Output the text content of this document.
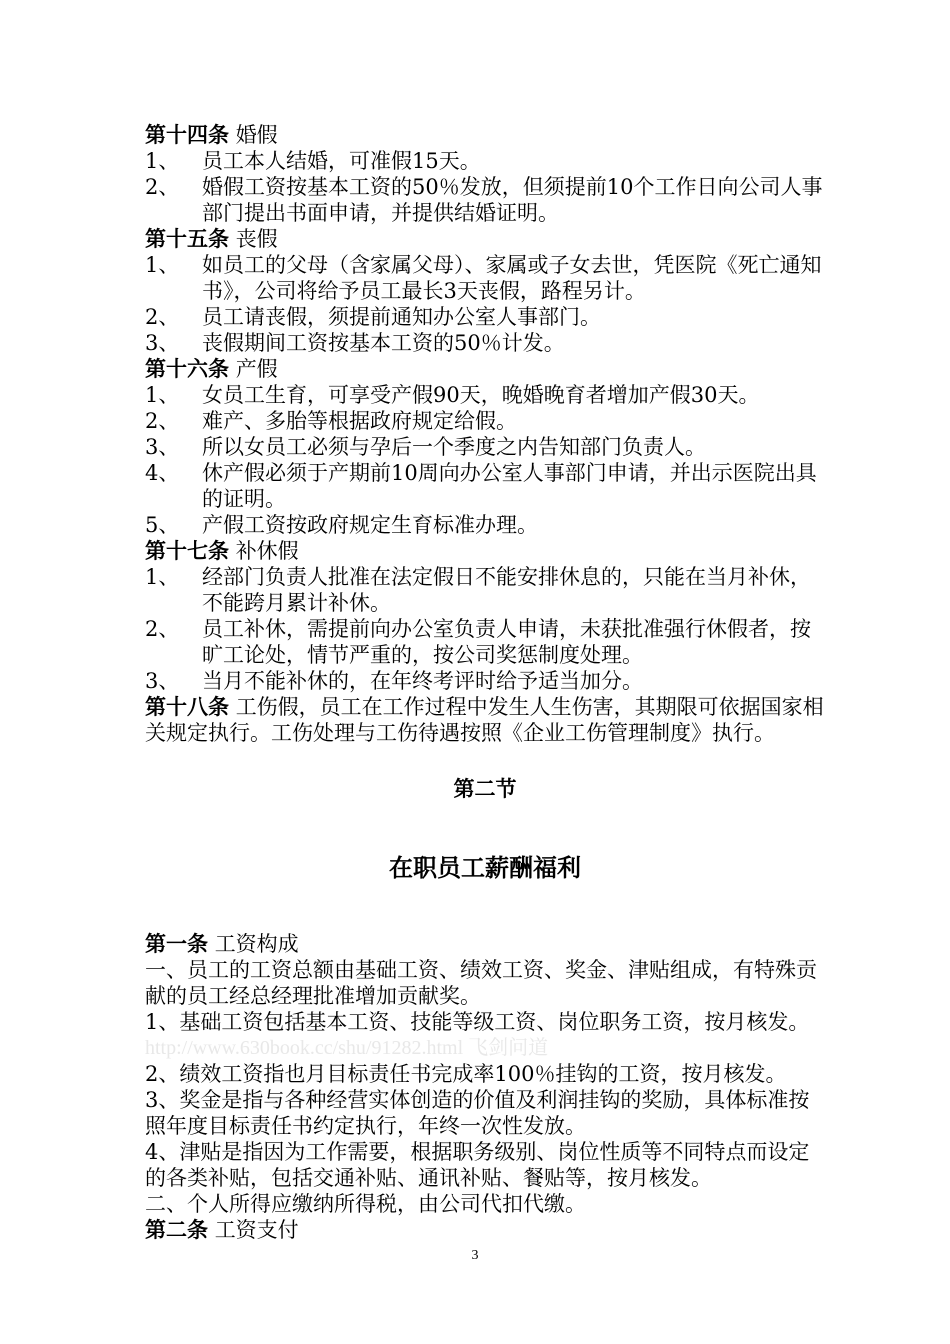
第十四条 婚假
1、 员工本人结婚，可准假15天。
2、 婚假工资按基本工资的50％发放，但须提前10个工作日向公司人事部门提出书面申请，并提供结婚证明。
第十五条 丧假
1、 如员工的父母（含家属父母）、家属或子女去世，凭医院《死亡通知书》，公司将给予员工最长3天丧假，路程另计。
2、 员工请丧假，须提前通知办公室人事部门。
3、 丧假期间工资按基本工资的50％计发。
第十六条 产假
1、 女员工生育，可享受产假90天，晚婚晚育者增加产假30天。
2、 难产、多胎等根据政府规定给假。
3、 所以女员工必须与孕后一个季度之内告知部门负责人。
4、 休产假必须于产期前10周向办公室人事部门申请，并出示医院出具的证明。
5、 产假工资按政府规定生育标准办理。
第十七条 补休假
1、 经部门负责人批准在法定假日不能安排休息的，只能在当月补休，不能跨月累计补休。
2、 员工补休，需提前向办公室负责人申请，未获批准强行休假者，按旷工论处，情节严重的，按公司奖惩制度处理。
3、 当月不能补休的，在年终考评时给予适当加分。
第十八条 工伤假，员工在工作过程中发生人生伤害，其期限可依据国家相关规定执行。工伤处理与工伤待遇按照《企业工伤管理制度》执行。
第二节
在职员工薪酬福利
第一条 工资构成
一、员工的工资总额由基础工资、绩效工资、奖金、津贴组成，有特殊贡献的员工经总经理批准增加贡献奖。
1、基础工资包括基本工资、技能等级工资、岗位职务工资，按月核发。
http://www.630book.cc/shu/91282.html 飞剑问道
2、绩效工资指也月目标责任书完成率100％挂钩的工资，按月核发。
3、奖金是指与各种经营实体创造的价值及利润挂钩的奖励，具体标准按照年度目标责任书约定执行，年终一次性发放。
4、津贴是指因为工作需要，根据职务级别、岗位性质等不同特点而设定的各类补贴，包括交通补贴、通讯补贴、餐贴等，按月核发。
二、个人所得应缴纳所得税，由公司代扣代缴。
第二条 工资支付
3
